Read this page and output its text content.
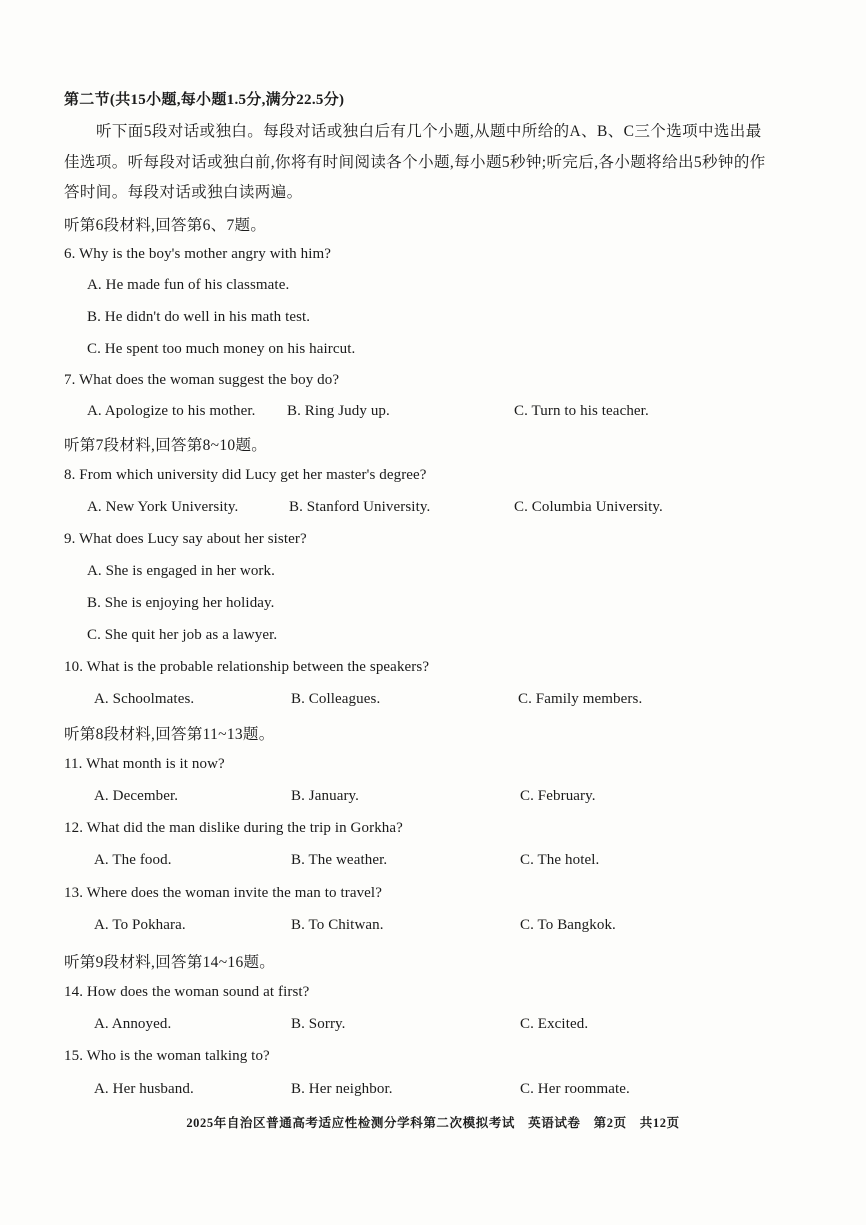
第二节(共15小题,每小题1.5分,满分22.5分)
听下面5段对话或独白。每段对话或独白后有几个小题,从题中所给的A、B、C三个选项中选出最佳选项。听每段对话或独白前,你将有时间阅读各个小题,每小题5秒钟;听完后,各小题将给出5秒钟的作答时间。每段对话或独白读两遍。
听第6段材料,回答第6、7题。
6. Why is the boy's mother angry with him?
A. He made fun of his classmate.
B. He didn't do well in his math test.
C. He spent too much money on his haircut.
7. What does the woman suggest the boy do?
A. Apologize to his mother. B. Ring Judy up.	C. Turn to his teacher.
听第7段材料,回答第8~10题。
8. From which university did Lucy get her master's degree?
A. New York University.	B. Stanford University.	C. Columbia University.
9. What does Lucy say about her sister?
A. She is engaged in her work.
B. She is enjoying her holiday.
C. She quit her job as a lawyer.
10. What is the probable relationship between the speakers?
A. Schoolmates.	B. Colleagues.	C. Family members.
听第8段材料,回答第11~13题。
11. What month is it now?
A. December.	B. January.	C. February.
12. What did the man dislike during the trip in Gorkha?
A. The food.	B. The weather.	C. The hotel.
13. Where does the woman invite the man to travel?
A. To Pokhara.	B. To Chitwan.	C. To Bangkok.
听第9段材料,回答第14~16题。
14. How does the woman sound at first?
A. Annoyed.	B. Sorry.	C. Excited.
15. Who is the woman talking to?
A. Her husband.	B. Her neighbor.	C. Her roommate.
2025年自治区普通高考适应性检测分学科第二次模拟考试　英语试卷　第2页　共12页
